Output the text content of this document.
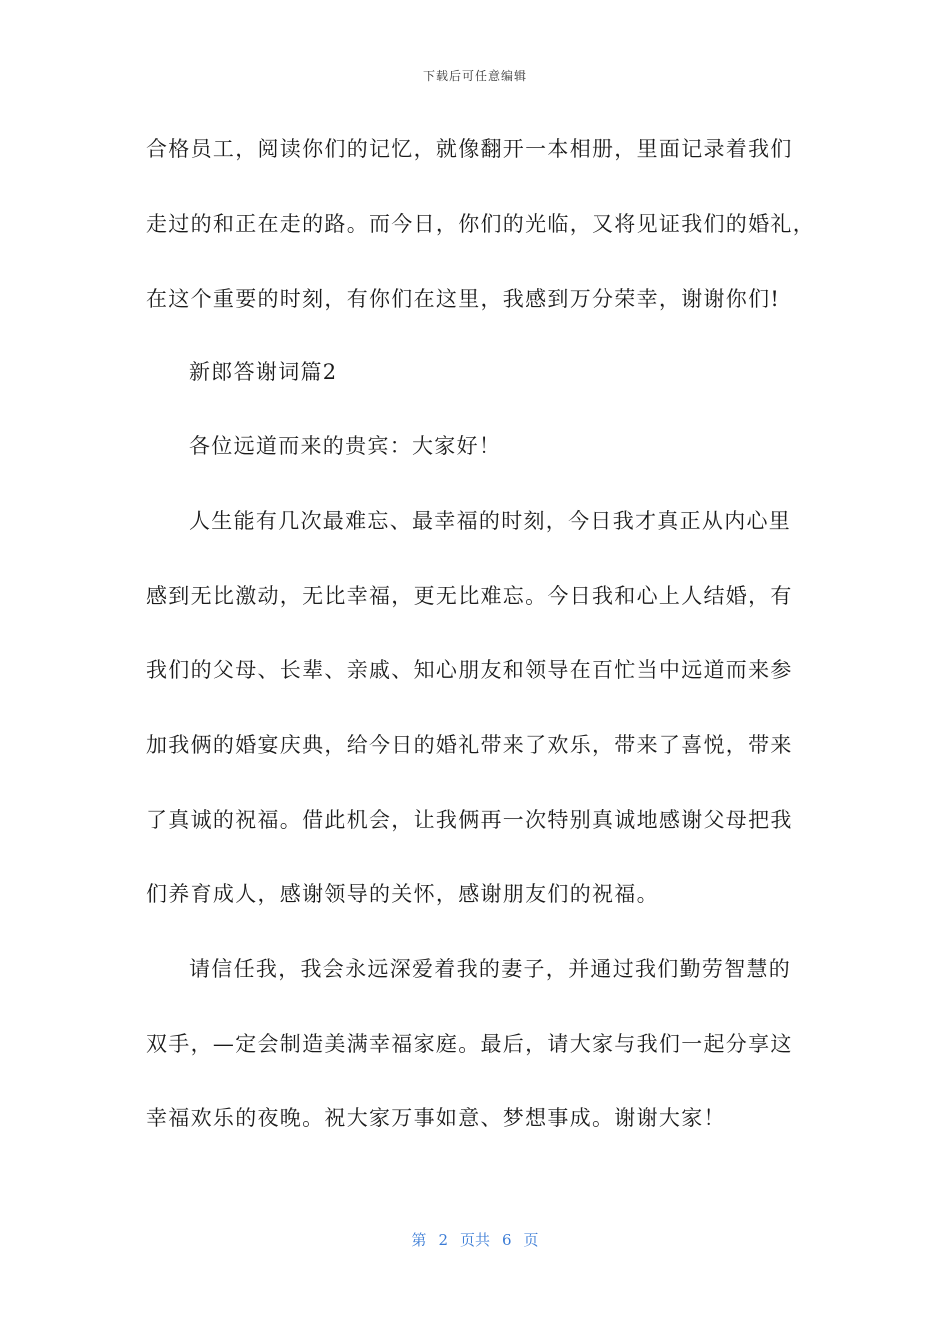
下载后可任意编辑
合格员工，阅读你们的记忆，就像翻开一本相册，里面记录着我们
走过的和正在走的路。而今日，你们的光临，又将见证我们的婚礼，
在这个重要的时刻，有你们在这里，我感到万分荣幸，谢谢你们!
新郎答谢词篇2
各位远道而来的贵宾：大家好！
人生能有几次最难忘、最幸福的时刻，今日我才真正从内心里
感到无比激动，无比幸福，更无比难忘。今日我和心上人结婚，有
我们的父母、长辈、亲戚、知心朋友和领导在百忙当中远道而来参
加我俩的婚宴庆典，给今日的婚礼带来了欢乐，带来了喜悦，带来
了真诚的祝福。借此机会，让我俩再一次特别真诚地感谢父母把我
们养育成人，感谢领导的关怀，感谢朋友们的祝福。
请信任我，我会永远深爱着我的妻子，并通过我们勤劳智慧的
双手，—定会制造美满幸福家庭。最后，请大家与我们一起分享这
幸福欢乐的夜晚。祝大家万事如意、梦想事成。谢谢大家！
第 2 页共 6 页
